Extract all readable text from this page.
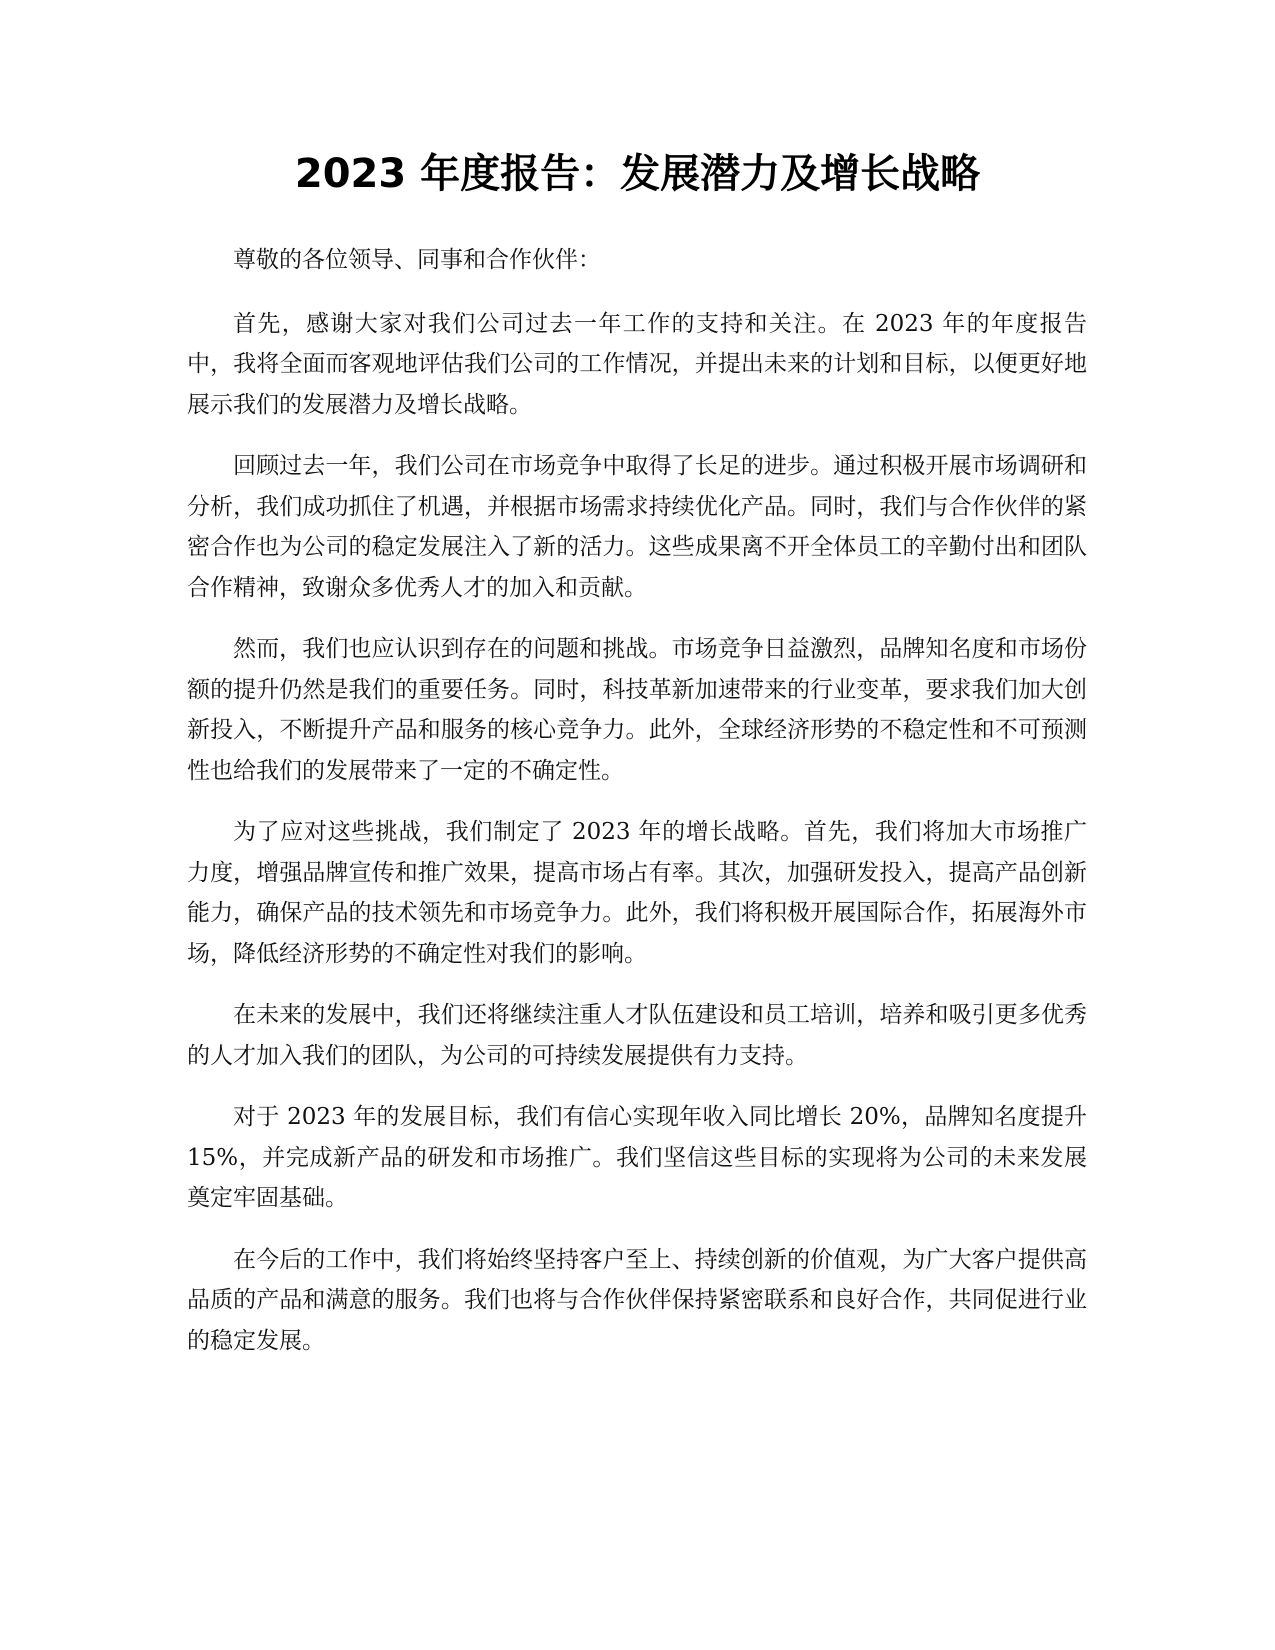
2023 年度报告：发展潜力及增长战略

尊敬的各位领导、同事和合作伙伴：

首先，感谢大家对我们公司过去一年工作的支持和关注。在 2023 年的年度报告中，我将全面而客观地评估我们公司的工作情况，并提出未来的计划和目标，以便更好地展示我们的发展潜力及增长战略。

回顾过去一年，我们公司在市场竞争中取得了长足的进步。通过积极开展市场调研和分析，我们成功抓住了机遇，并根据市场需求持续优化产品。同时，我们与合作伙伴的紧密合作也为公司的稳定发展注入了新的活力。这些成果离不开全体员工的辛勤付出和团队合作精神，致谢众多优秀人才的加入和贡献。

然而，我们也应认识到存在的问题和挑战。市场竞争日益激烈，品牌知名度和市场份额的提升仍然是我们的重要任务。同时，科技革新加速带来的行业变革，要求我们加大创新投入，不断提升产品和服务的核心竞争力。此外，全球经济形势的不稳定性和不可预测性也给我们的发展带来了一定的不确定性。

为了应对这些挑战，我们制定了 2023 年的增长战略。首先，我们将加大市场推广力度，增强品牌宣传和推广效果，提高市场占有率。其次，加强研发投入，提高产品创新能力，确保产品的技术领先和市场竞争力。此外，我们将积极开展国际合作，拓展海外市场，降低经济形势的不确定性对我们的影响。

在未来的发展中，我们还将继续注重人才队伍建设和员工培训，培养和吸引更多优秀的人才加入我们的团队，为公司的可持续发展提供有力支持。

对于 2023 年的发展目标，我们有信心实现年收入同比增长 20%，品牌知名度提升 15%，并完成新产品的研发和市场推广。我们坚信这些目标的实现将为公司的未来发展奠定牢固基础。

在今后的工作中，我们将始终坚持客户至上、持续创新的价值观，为广大客户提供高品质的产品和满意的服务。我们也将与合作伙伴保持紧密联系和良好合作，共同促进行业的稳定发展。
